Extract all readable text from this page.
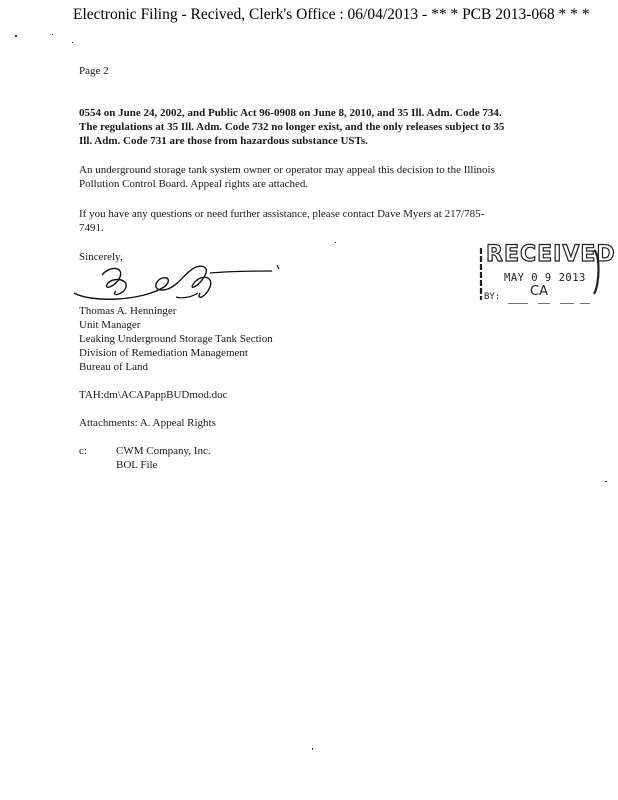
Electronic Filing - Recived, Clerk's Office : 06/04/2013 - ** * PCB 2013-068 * * *
Page 2
0554 on June 24, 2002, and Public Act 96-0908 on June 8, 2010, and 35 Ill. Adm. Code 734.
The regulations at 35 Ill. Adm. Code 732 no longer exist, and the only releases subject to 35
Ill. Adm. Code 731 are those from hazardous substance USTs.
An underground storage tank system owner or operator may appeal this decision to the Illinois
Pollution Control Board. Appeal rights are attached.
If you have any questions or need further assistance, please contact Dave Myers at 217/785-
7491.
Sincerely,
Thomas A. Henninger
Unit Manager
Leaking Underground Storage Tank Section
Division of Remediation Management
Bureau of Land
TAH:dm\ACAPappBUDmod.doc
Attachments: A. Appeal Rights
c:	CWM Company, Inc.
BOL File
RECEIVED
MAY 0 9 2013
BY: CA
